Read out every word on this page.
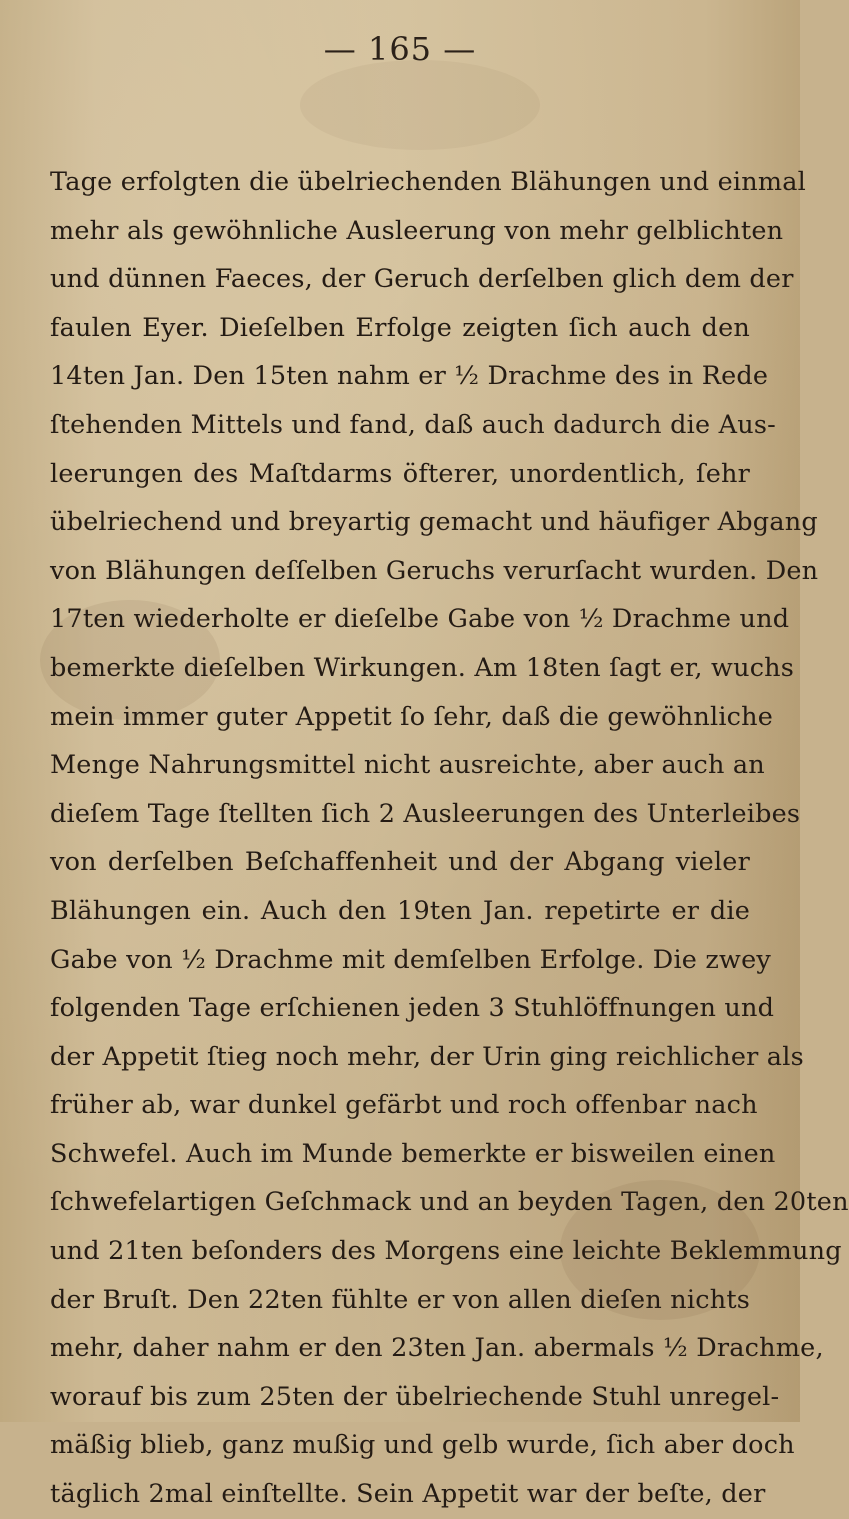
— 165 —
Tage erfolgten die übelriechenden Blähungen und einmal
mehr als gewöhnliche Ausleerung von mehr gelblichten
und dünnen Faeces, der Geruch derſelben glich dem der
faulen Eyer. Dieſelben Erfolge zeigten ſich auch den
14ten Jan. Den 15ten nahm er ½ Drachme des in Rede
ſtehenden Mittels und fand, daß auch dadurch die Aus-
leerungen des Maſtdarms öfterer, unordentlich, ſehr
übelriechend und breyartig gemacht und häufiger Abgang
von Blähungen deſſelben Geruchs verurſacht wurden. Den
17ten wiederholte er dieſelbe Gabe von ½ Drachme und
bemerkte dieſelben Wirkungen. Am 18ten ſagt er, wuchs
mein immer guter Appetit ſo ſehr, daß die gewöhnliche
Menge Nahrungsmittel nicht ausreichte, aber auch an
dieſem Tage ſtellten ſich 2 Ausleerungen des Unterleibes
von derſelben Beſchaffenheit und der Abgang vieler
Blähungen ein. Auch den 19ten Jan. repetirte er die
Gabe von ½ Drachme mit demſelben Erfolge. Die zwey
folgenden Tage erſchienen jeden 3 Stuhlöffnungen und
der Appetit ſtieg noch mehr, der Urin ging reichlicher als
früher ab, war dunkel gefärbt und roch offenbar nach
Schwefel. Auch im Munde bemerkte er bisweilen einen
ſchwefelartigen Geſchmack und an beyden Tagen, den 20ten
und 21ten beſonders des Morgens eine leichte Beklemmung
der Bruſt. Den 22ten fühlte er von allen dieſen nichts
mehr, daher nahm er den 23ten Jan. abermals ½ Drachme,
worauf bis zum 25ten der übelriechende Stuhl unregel-
mäßig blieb, ganz mußig und gelb wurde, ſich aber doch
täglich 2mal einſtellte. Sein Appetit war der beſte, der
